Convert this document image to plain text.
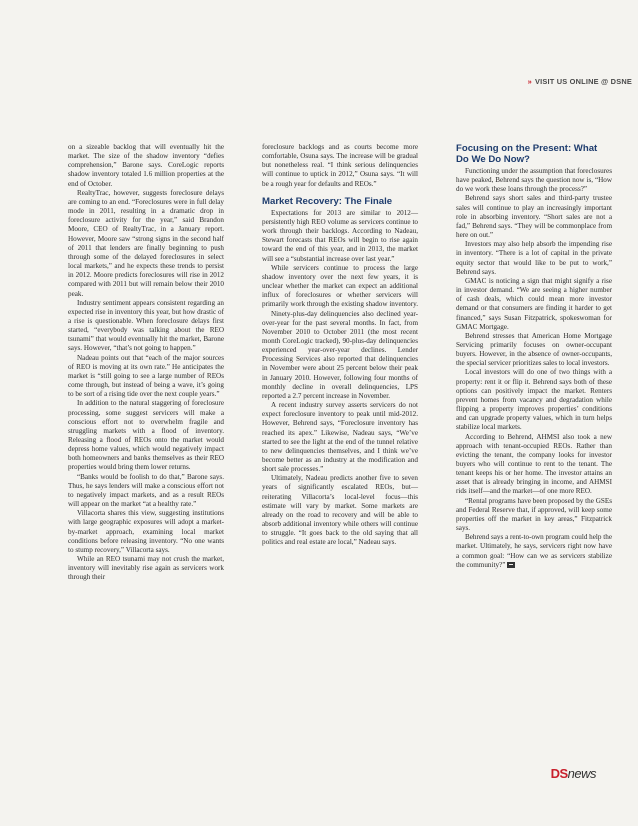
» VISIT US ONLINE @ DSNE

on a sizeable backlog that will eventually hit the market. The size of the shadow inventory “defies comprehension,” Barone says. CoreLogic reports shadow inventory totaled 1.6 million properties at the end of October.

RealtyTrac, however, suggests foreclosure delays are coming to an end. “Foreclosures were in full delay mode in 2011, resulting in a dramatic drop in foreclosure activity for the year,” said Brandon Moore, CEO of RealtyTrac, in a January report. However, Moore saw “strong signs in the second half of 2011 that lenders are finally beginning to push through some of the delayed foreclosures in select local markets,” and he expects these trends to persist in 2012. Moore predicts foreclosures will rise in 2012 compared with 2011 but will remain below their 2010 peak.

Industry sentiment appears consistent regarding an expected rise in inventory this year, but how drastic of a rise is questionable. When foreclosure delays first started, “everybody was talking about the REO tsunami” that would eventually hit the market, Barone says. However, “that’s not going to happen.”

Nadeau points out that “each of the major sources of REO is moving at its own rate.” He anticipates the market is “still going to see a large number of REOs come through, but instead of being a wave, it’s going to be sort of a rising tide over the next couple years.”

In addition to the natural staggering of foreclosure processing, some suggest servicers will make a conscious effort not to overwhelm fragile and struggling markets with a flood of inventory. Releasing a flood of REOs onto the market would depress home values, which would negatively impact both homeowners and banks themselves as their REO properties would bring them lower returns.

“Banks would be foolish to do that,” Barone says. Thus, he says lenders will make a conscious effort not to negatively impact markets, and as a result REOs will appear on the market “at a healthy rate.”

Villacorta shares this view, suggesting institutions with large geographic exposures will adopt a market-by-market approach, examining local market conditions before releasing inventory. “No one wants to stump recovery,” Villacorta says.

While an REO tsunami may not crush the market, inventory will inevitably rise again as servicers work through their

foreclosure backlogs and as courts become more comfortable, Osuna says. The increase will be gradual but nonetheless real. “I think serious delinquencies will continue to uptick in 2012,” Osuna says. “It will be a rough year for defaults and REOs.”

Market Recovery: The Finale

Expectations for 2013 are similar to 2012—persistently high REO volume as servicers continue to work through their backlogs. According to Nadeau, Stewart forecasts that REOs will begin to rise again toward the end of this year, and in 2013, the market will see a “substantial increase over last year.”

While servicers continue to process the large shadow inventory over the next few years, it is unclear whether the market can expect an additional influx of foreclosures or whether servicers will primarily work through the existing shadow inventory.

Ninety-plus-day delinquencies also declined year-over-year for the past several months. In fact, from November 2010 to October 2011 (the most recent month CoreLogic tracked), 90-plus-day delinquencies experienced year-over-year declines. Lender Processing Services also reported that delinquencies in November were about 25 percent below their peak in January 2010. However, following four months of monthly decline in overall delinquencies, LPS reported a 2.7 percent increase in November.

A recent industry survey asserts servicers do not expect foreclosure inventory to peak until mid-2012. However, Behrend says, “Foreclosure inventory has reached its apex.” Likewise, Nadeau says, “We’ve started to see the light at the end of the tunnel relative to new delinquencies themselves, and I think we’ve become better as an industry at the modification and short sale processes.”

Ultimately, Nadeau predicts another five to seven years of significantly escalated REOs, but—reiterating Villacorta’s local-level focus—this estimate will vary by market. Some markets are already on the road to recovery and will be able to absorb additional inventory while others will continue to struggle. “It goes back to the old saying that all politics and real estate are local,” Nadeau says.

Focusing on the Present: What Do We Do Now?

Functioning under the assumption that foreclosures have peaked, Behrend says the question now is, “How do we work these loans through the process?”

Behrend says short sales and third-party trustee sales will continue to play an increasingly important role in absorbing inventory. “Short sales are not a fad,” Behrend says. “They will be commonplace from here on out.”

Investors may also help absorb the impending rise in inventory. “There is a lot of capital in the private equity sector that would like to be put to work,” Behrend says.

GMAC is noticing a sign that might signify a rise in investor demand. “We are seeing a higher number of cash deals, which could mean more investor demand or that consumers are finding it harder to get financed,” says Susan Fitzpatrick, spokeswoman for GMAC Mortgage.

Behrend stresses that American Home Mortgage Servicing primarily focuses on owner-occupant buyers. However, in the absence of owner-occupants, the special servicer prioritizes sales to local investors.

Local investors will do one of two things with a property: rent it or flip it. Behrend says both of these options can positively impact the market. Renters prevent homes from vacancy and degradation while flipping a property improves properties’ conditions and can upgrade property values, which in turn helps stabilize local markets.

According to Behrend, AHMSI also took a new approach with tenant-occupied REOs. Rather than evicting the tenant, the company looks for investor buyers who will continue to rent to the tenant. The tenant keeps his or her home. The investor attains an asset that is already bringing in income, and AHMSI rids itself—and the market—of one more REO.

“Rental programs have been proposed by the GSEs and Federal Reserve that, if approved, will keep some properties off the market in key areas,” Fitzpatrick says.

Behrend says a rent-to-own program could help the market. Ultimately, he says, servicers right now have a common goal: “How can we as servicers stabilize the community?”

DSnews
